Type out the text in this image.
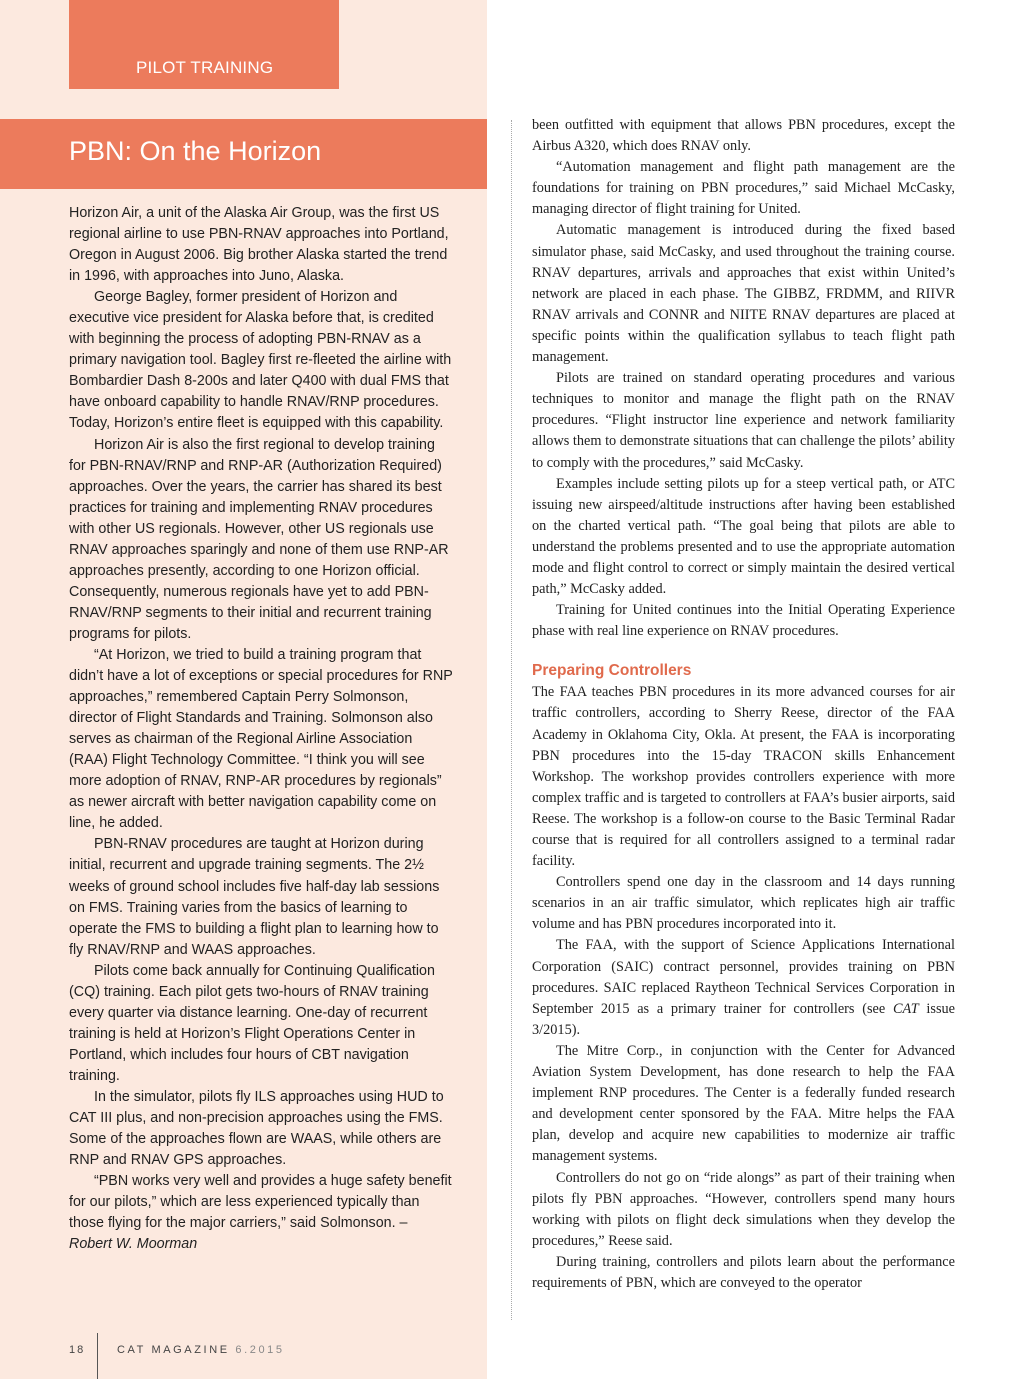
PILOT TRAINING
PBN: On the Horizon

Horizon Air, a unit of the Alaska Air Group, was the first US regional airline to use PBN-RNAV approaches into Portland, Oregon in August 2006. Big brother Alaska started the trend in 1996, with approaches into Juno, Alaska.

George Bagley, former president of Horizon and executive vice president for Alaska before that, is credited with beginning the process of adopting PBN-RNAV as a primary navigation tool. Bagley first re-fleeted the airline with Bombardier Dash 8-200s and later Q400 with dual FMS that have onboard capability to handle RNAV/RNP procedures. Today, Horizon’s entire fleet is equipped with this capability.

Horizon Air is also the first regional to develop training for PBN-RNAV/RNP and RNP-AR (Authorization Required) approaches. Over the years, the carrier has shared its best practices for training and implementing RNAV procedures with other US regionals. However, other US regionals use RNAV approaches sparingly and none of them use RNP-AR approaches presently, according to one Horizon official. Consequently, numerous regionals have yet to add PBN-RNAV/RNP segments to their initial and recurrent training programs for pilots.

“At Horizon, we tried to build a training program that didn’t have a lot of exceptions or special procedures for RNP approaches,” remembered Captain Perry Solmonson, director of Flight Standards and Training. Solmonson also serves as chairman of the Regional Airline Association (RAA) Flight Technology Committee. “I think you will see more adoption of RNAV, RNP-AR procedures by regionals” as newer aircraft with better navigation capability come on line, he added.

PBN-RNAV procedures are taught at Horizon during initial, recurrent and upgrade training segments. The 2½ weeks of ground school includes five half-day lab sessions on FMS. Training varies from the basics of learning to operate the FMS to building a flight plan to learning how to fly RNAV/RNP and WAAS approaches.

Pilots come back annually for Continuing Qualification (CQ) training. Each pilot gets two-hours of RNAV training every quarter via distance learning. One-day of recurrent training is held at Horizon’s Flight Operations Center in Portland, which includes four hours of CBT navigation training.

In the simulator, pilots fly ILS approaches using HUD to CAT III plus, and non-precision approaches using the FMS. Some of the approaches flown are WAAS, while others are RNP and RNAV GPS approaches.

“PBN works very well and provides a huge safety benefit for our pilots,” which are less experienced typically than those flying for the major carriers,” said Solmonson. – Robert W. Moorman

been outfitted with equipment that allows PBN procedures, except the Airbus A320, which does RNAV only.

“Automation management and flight path management are the foundations for training on PBN procedures,” said Michael McCasky, managing director of flight training for United.

Automatic management is introduced during the fixed based simulator phase, said McCasky, and used throughout the training course. RNAV departures, arrivals and approaches that exist within United’s network are placed in each phase. The GIBBZ, FRDMM, and RIIVR RNAV arrivals and CONNR and NIITE RNAV departures are placed at specific points within the qualification syllabus to teach flight path management.

Pilots are trained on standard operating procedures and various techniques to monitor and manage the flight path on the RNAV procedures. “Flight instructor line experience and network familiarity allows them to demonstrate situations that can challenge the pilots’ ability to comply with the procedures,” said McCasky.

Examples include setting pilots up for a steep vertical path, or ATC issuing new airspeed/altitude instructions after having been established on the charted vertical path. “The goal being that pilots are able to understand the problems presented and to use the appropriate automation mode and flight control to correct or simply maintain the desired vertical path,” McCasky added.

Training for United continues into the Initial Operating Experience phase with real line experience on RNAV procedures.

Preparing Controllers

The FAA teaches PBN procedures in its more advanced courses for air traffic controllers, according to Sherry Reese, director of the FAA Academy in Oklahoma City, Okla. At present, the FAA is incorporating PBN procedures into the 15-day TRACON skills Enhancement Workshop. The workshop provides controllers experience with more complex traffic and is targeted to controllers at FAA’s busier airports, said Reese. The workshop is a follow-on course to the Basic Terminal Radar course that is required for all controllers assigned to a terminal radar facility.

Controllers spend one day in the classroom and 14 days running scenarios in an air traffic simulator, which replicates high air traffic volume and has PBN procedures incorporated into it.

The FAA, with the support of Science Applications International Corporation (SAIC) contract personnel, provides training on PBN procedures. SAIC replaced Raytheon Technical Services Corporation in September 2015 as a primary trainer for controllers (see CAT issue 3/2015).

The Mitre Corp., in conjunction with the Center for Advanced Aviation System Development, has done research to help the FAA implement RNP procedures. The Center is a federally funded research and development center sponsored by the FAA. Mitre helps the FAA plan, develop and acquire new capabilities to modernize air traffic management systems.

Controllers do not go on “ride alongs” as part of their training when pilots fly PBN approaches. “However, controllers spend many hours working with pilots on flight deck simulations when they develop the procedures,” Reese said.

During training, controllers and pilots learn about the performance requirements of PBN, which are conveyed to the operator

18	CAT MAGAZINE 6.2015
